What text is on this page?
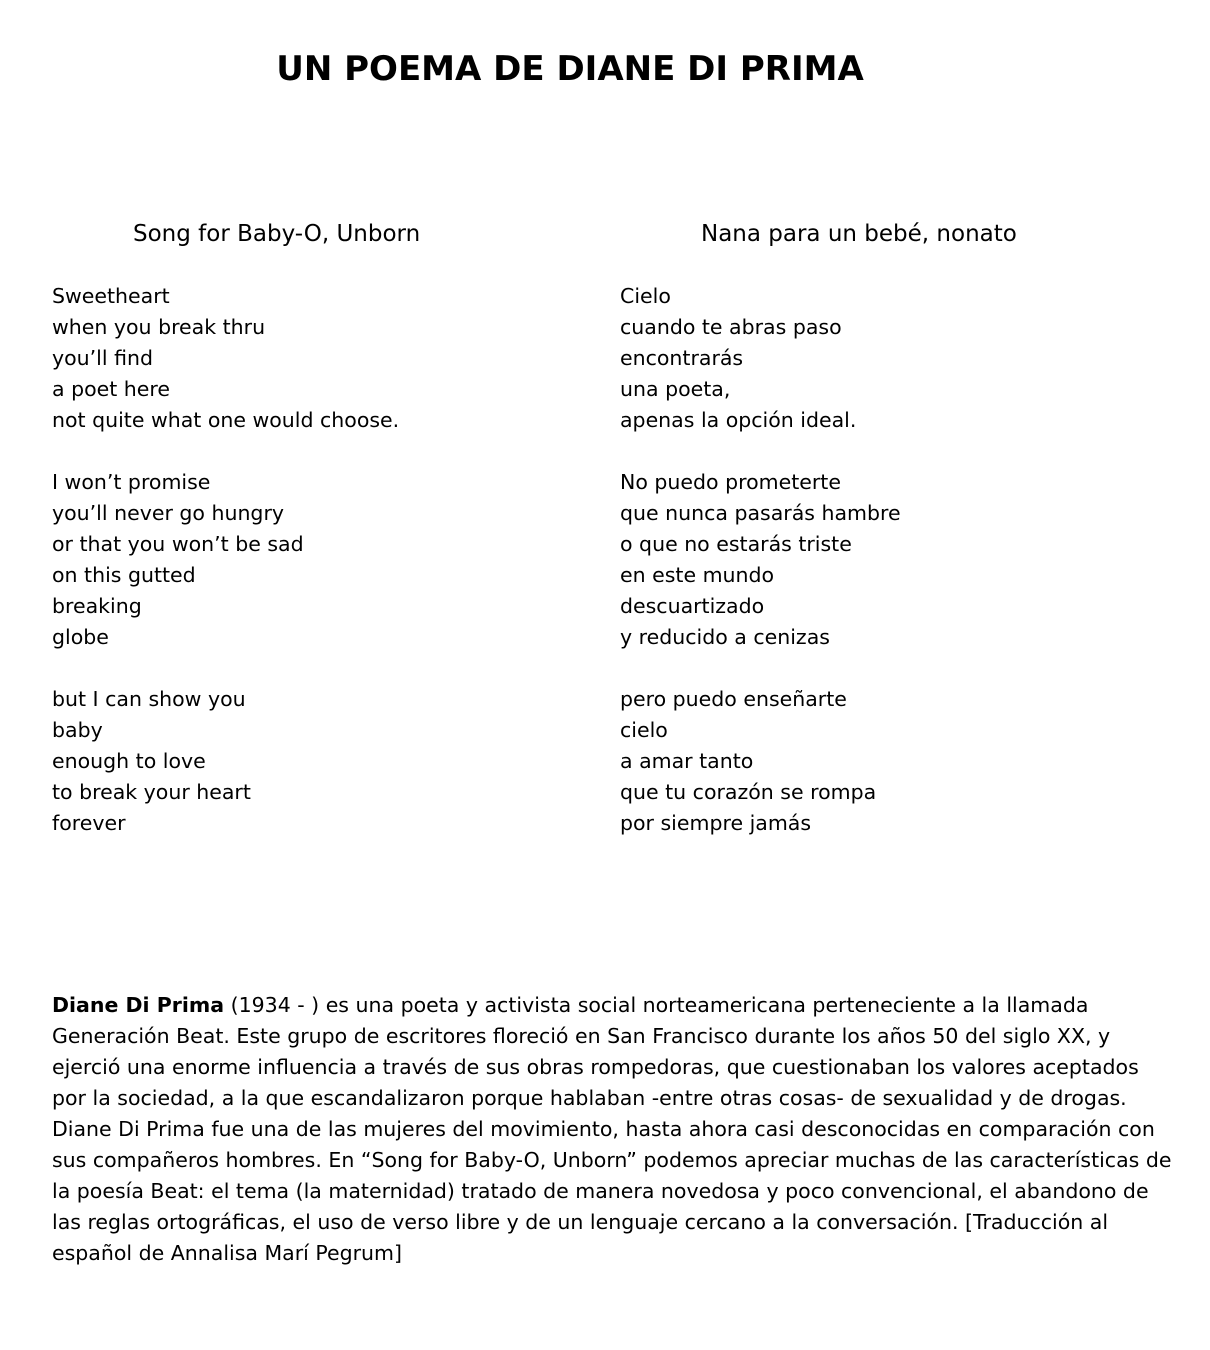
UN POEMA DE DIANE DI PRIMA
Song for Baby-O, Unborn
Sweetheart
when you break thru
you’ll find
a poet here
not quite what one would choose.
I won’t promise
you’ll never go hungry
or that you won’t be sad
on this gutted
breaking
globe
but I can show you
baby
enough to love
to break your heart
forever
Nana para un bebé, nonato
Cielo
cuando te abras paso
encontrarás
una poeta,
apenas la opción ideal.
No puedo prometerte
que nunca pasarás hambre
o que no estarás triste
en este mundo
descuartizado
y reducido a cenizas
pero puedo enseñarte
cielo
a amar tanto
que tu corazón se rompa
por siempre jamás

Diane Di Prima (1934 - ) es una poeta y activista social norteamericana perteneciente a la llamada Generación Beat. Este grupo de escritores floreció en San Francisco durante los años 50 del siglo XX, y ejerció una enorme influencia a través de sus obras rompedoras, que cuestionaban los valores aceptados por la sociedad, a la que escandalizaron porque hablaban -entre otras cosas- de sexualidad y de drogas. Diane Di Prima fue una de las mujeres del movimiento, hasta ahora casi desconocidas en comparación con sus compañeros hombres. En “Song for Baby-O, Unborn” podemos apreciar muchas de las características de la poesía Beat: el tema (la maternidad) tratado de manera novedosa y poco convencional, el abandono de las reglas ortográficas, el uso de verso libre y de un lenguaje cercano a la conversación. [Traducción al español de Annalisa Marí Pegrum]
